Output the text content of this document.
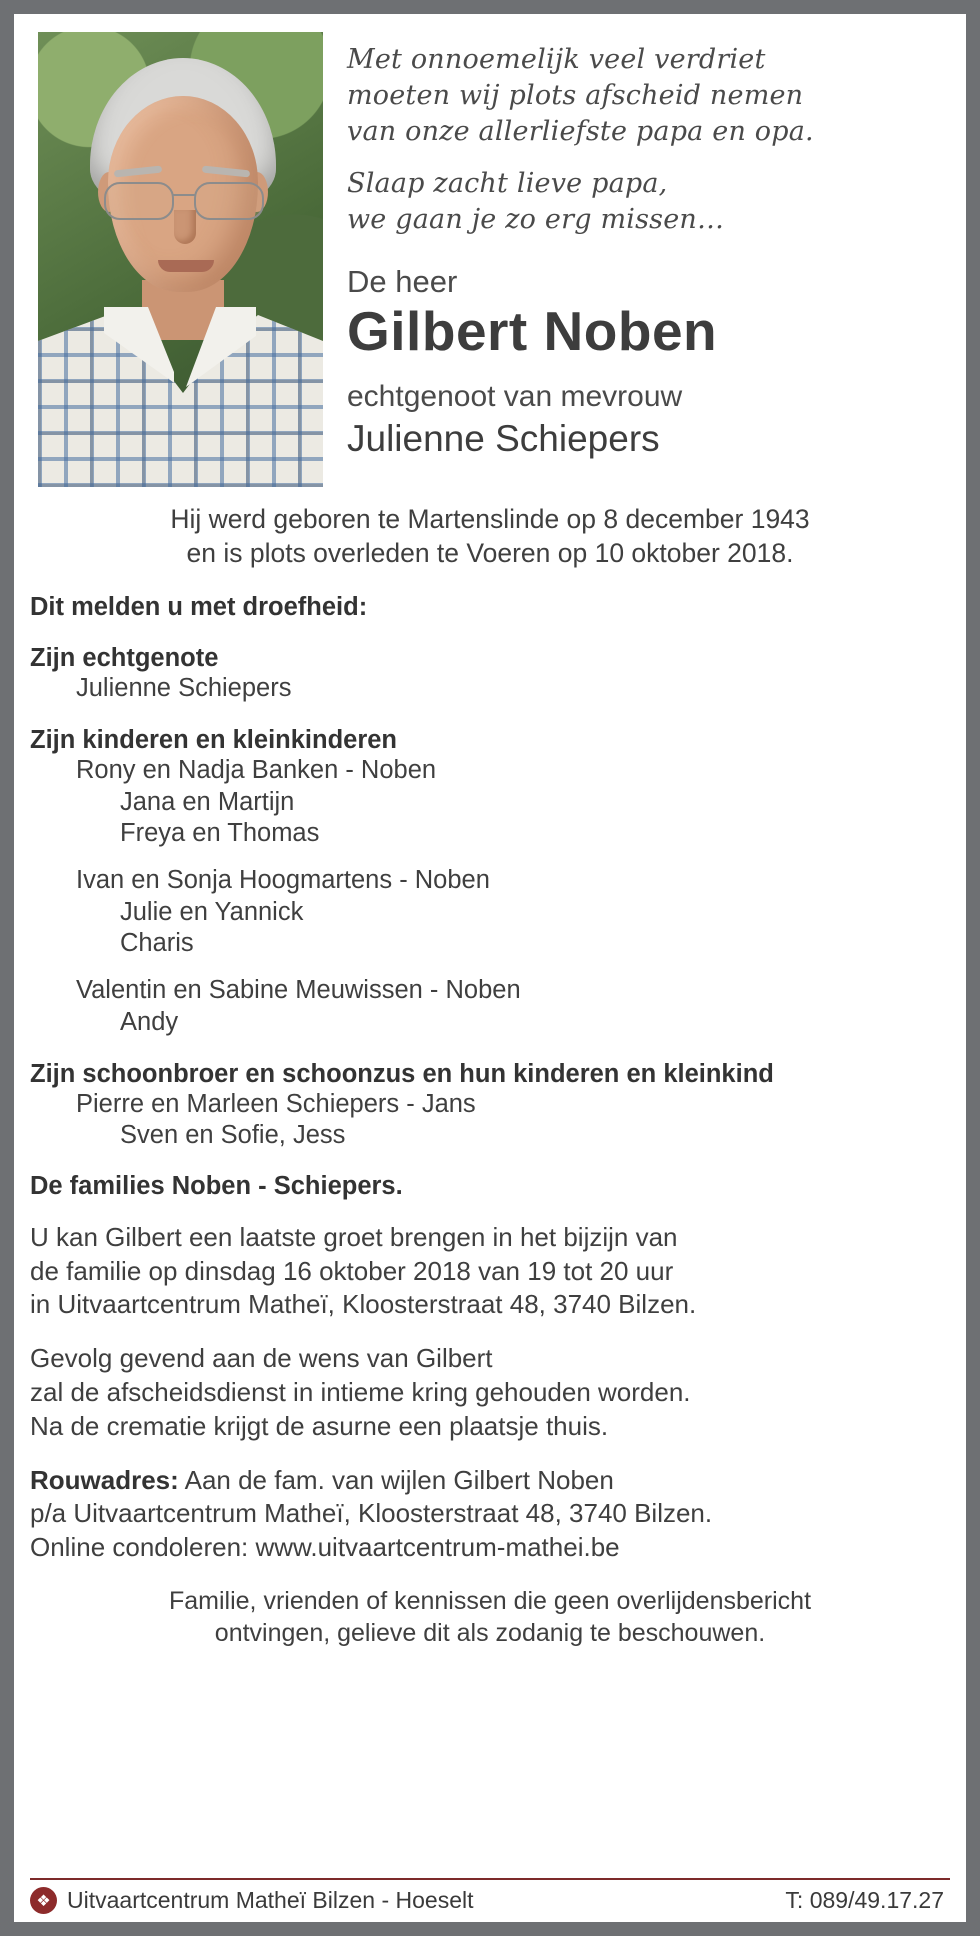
Met onnoemelijk veel verdriet
moeten wij plots afscheid nemen
van onze allerliefste papa en opa.

Slaap zacht lieve papa,
we gaan je zo erg missen…

De heer
Gilbert Noben
echtgenoot van mevrouw
Julienne Schiepers
Hij werd geboren te Martenslinde op 8 december 1943
en is plots overleden te Voeren op 10 oktober 2018.
Dit melden u met droefheid:
Zijn echtgenote
Julienne Schiepers
Zijn kinderen en kleinkinderen
Rony en Nadja Banken - Noben
Jana en Martijn
Freya en Thomas
Ivan en Sonja Hoogmartens - Noben
Julie en Yannick
Charis
Valentin en Sabine Meuwissen - Noben
Andy
Zijn schoonbroer en schoonzus en hun kinderen en kleinkind
Pierre en Marleen Schiepers - Jans
Sven en Sofie, Jess
De families Noben - Schiepers.
U kan Gilbert een laatste groet brengen in het bijzijn van
de familie op dinsdag 16 oktober 2018 van 19 tot 20 uur
in Uitvaartcentrum Matheï, Kloosterstraat 48, 3740 Bilzen.
Gevolg gevend aan de wens van Gilbert
zal de afscheidsdienst in intieme kring gehouden worden.
Na de crematie krijgt de asurne een plaatsje thuis.
Rouwadres: Aan de fam. van wijlen Gilbert Noben
p/a Uitvaartcentrum Matheï, Kloosterstraat 48, 3740 Bilzen.
Online condoleren: www.uitvaartcentrum-mathei.be
Familie, vrienden of kennissen die geen overlijdensbericht
ontvingen, gelieve dit als zodanig te beschouwen.
❖ Uitvaartcentrum Matheï Bilzen - Hoeselt	T: 089/49.17.27
